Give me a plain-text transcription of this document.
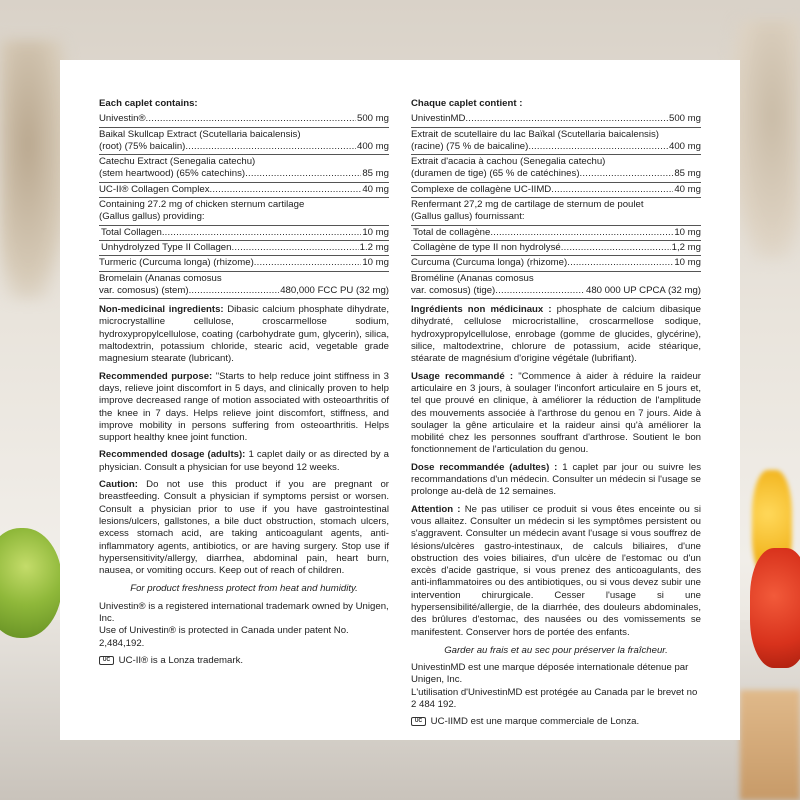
Each caplet contains:
Univestin® .....	500 mg
Baikal Skullcap Extract (Scutellaria baicalensis)
(root) (75% baicalin) .....	400 mg
Catechu Extract (Senegalia catechu)
(stem heartwood) (65% catechins) .....	85 mg
UC-II® Collagen Complex .....	40 mg
Containing 27.2 mg of chicken sternum cartilage
(Gallus gallus) providing:
Total Collagen .....	10 mg
Unhydrolyzed Type II Collagen .....	1.2 mg
Turmeric (Curcuma longa) (rhizome) .....	10 mg
Bromelain (Ananas comosus
var. comosus) (stem) .....	480,000 FCC PU (32 mg)
Non-medicinal ingredients: Dibasic calcium phosphate dihydrate, microcrystalline cellulose, croscarmellose sodium, hydroxypropylcellulose, coating (carbohydrate gum, glycerin), silica, maltodextrin, potassium chloride, stearic acid, vegetable grade magnesium stearate (lubricant).
Recommended purpose: "Starts to help reduce joint stiffness in 3 days, relieve joint discomfort in 5 days, and clinically proven to help improve decreased range of motion associated with osteoarthritis of the knee in 7 days. Helps relieve joint discomfort, stiffness, and improve mobility in persons suffering from osteoarthritis. Helps support healthy knee joint function.
Recommended dosage (adults): 1 caplet daily or as directed by a physician. Consult a physician for use beyond 12 weeks.
Caution: Do not use this product if you are pregnant or breastfeeding. Consult a physician if symptoms persist or worsen. Consult a physician prior to use if you have gastrointestinal lesions/ulcers, gallstones, a bile duct obstruction, stomach ulcers, excess stomach acid, are taking anticoagulant agents, anti-inflammatory agents, antibiotics, or are having surgery. Stop use if hypersensitivity/allergy, diarrhea, abdominal pain, heart burn, nausea, or vomiting occurs. Keep out of reach of children.
For product freshness protect from heat and humidity.
Univestin® is a registered international trademark owned by Unigen, Inc.
Use of Univestin® is protected in Canada under patent No. 2,484,192.
UC UC-II® is a Lonza trademark.
Chaque caplet contient :
UnivestinMD .....	500 mg
Extrait de scutellaire du lac Baïkal (Scutellaria baicalensis)
(racine) (75 % de baicaline) .....	400 mg
Extrait d'acacia à cachou (Senegalia catechu)
(duramen de tige) (65 % de catéchines) .....	85 mg
Complexe de collagène UC-IIMD .....	40 mg
Renfermant 27,2 mg de cartilage de sternum de poulet
(Gallus gallus) fournissant:
Total de collagène .....	10 mg
Collagène de type II non hydrolysé .....	1,2 mg
Curcuma (Curcuma longa) (rhizome) .....	10 mg
Broméline (Ananas comosus
var. comosus) (tige) .....	480 000 UP CPCA (32 mg)
Ingrédients non médicinaux : phosphate de calcium dibasique dihydraté, cellulose microcristalline, croscarmellose sodique, hydroxypropylcellulose, enrobage (gomme de glucides, glycérine), silice, maltodextrine, chlorure de potassium, acide stéarique, stéarate de magnésium d'origine végétale (lubrifiant).
Usage recommandé : "Commence à aider à réduire la raideur articulaire en 3 jours, à soulager l'inconfort articulaire en 5 jours et, tel que prouvé en clinique, à améliorer la réduction de l'amplitude des mouvements associée à l'arthrose du genou en 7 jours. Aide à soulager la gêne articulaire et la raideur ainsi qu'à améliorer la mobilité chez les personnes souffrant d'arthrose. Soutient le bon fonctionnement de l'articulation du genou.
Dose recommandée (adultes) : 1 caplet par jour ou suivre les recommandations d'un médecin. Consulter un médecin si l'usage se prolonge au-delà de 12 semaines.
Attention : Ne pas utiliser ce produit si vous êtes enceinte ou si vous allaitez. Consulter un médecin si les symptômes persistent ou s'aggravent. Consulter un médecin avant l'usage si vous souffrez de lésions/ulcères gastro-intestinaux, de calculs biliaires, d'une obstruction des voies biliaires, d'un ulcère de l'estomac ou d'un excès d'acide gastrique, si vous prenez des anticoagulants, des anti-inflammatoires ou des antibiotiques, ou si vous devez subir une intervention chirurgicale. Cesser l'usage si une hypersensibilité/allergie, de la diarrhée, des douleurs abdominales, des brûlures d'estomac, des nausées ou des vomissements se manifestent. Conserver hors de portée des enfants.
Garder au frais et au sec pour préserver la fraîcheur.
UnivestinMD est une marque déposée internationale détenue par Unigen, Inc.
L'utilisation d'UnivestinMD est protégée au Canada par le brevet no 2 484 192.
UC UC-IIMD est une marque commerciale de Lonza.
